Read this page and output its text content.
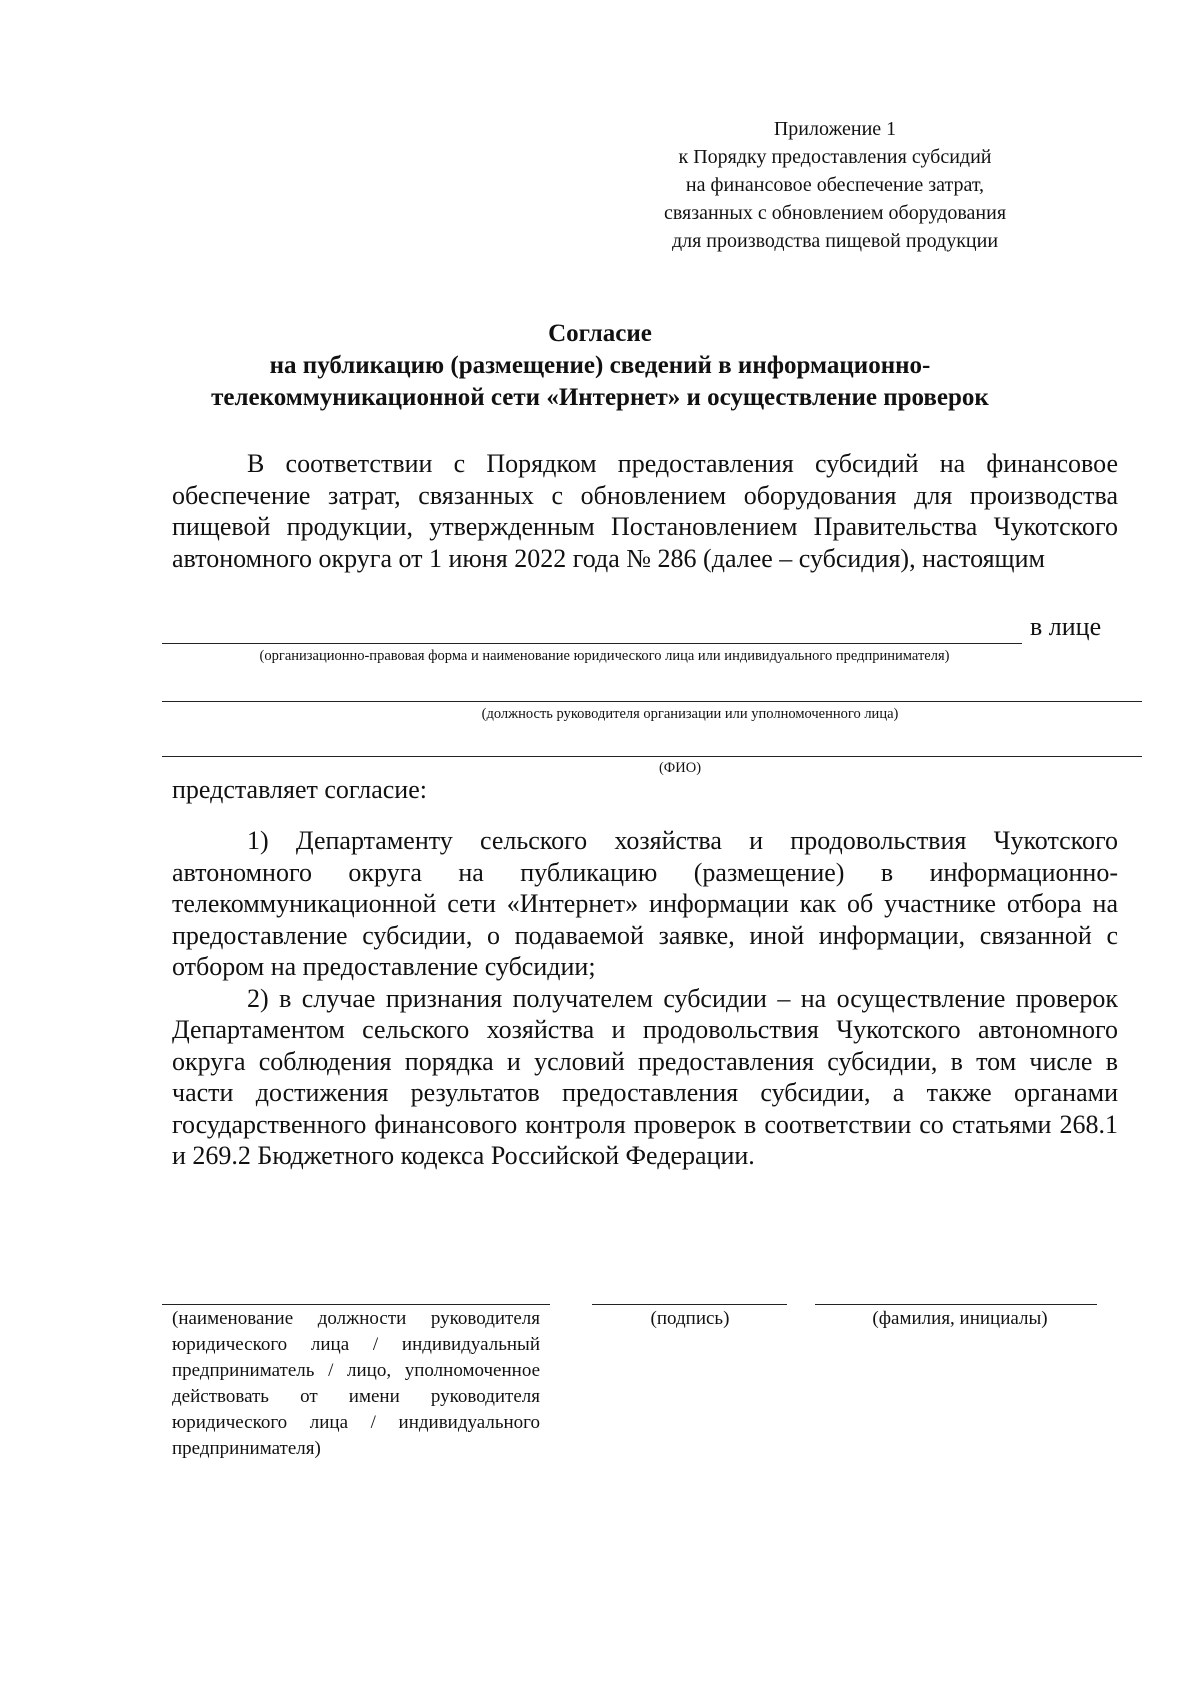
Приложение 1
к Порядку предоставления субсидий
на финансовое обеспечение затрат,
связанных с обновлением оборудования
для производства пищевой продукции
Согласие
на публикацию (размещение) сведений в информационно-
телекоммуникационной сети «Интернет» и осуществление проверок
В соответствии с Порядком предоставления субсидий на финансовое обеспечение затрат, связанных с обновлением оборудования для производства пищевой продукции, утвержденным Постановлением Правительства Чукотского автономного округа от 1 июня 2022 года № 286 (далее – субсидия), настоящим
в лице
(организационно-правовая форма и наименование юридического лица или индивидуального предпринимателя)
(должность руководителя организации или уполномоченного лица)
(ФИО)
представляет согласие:

1) Департаменту сельского хозяйства и продовольствия Чукотского автономного округа на публикацию (размещение) в информационно-телекоммуникационной сети «Интернет» информации как об участнике отбора на предоставление субсидии, о подаваемой заявке, иной информации, связанной с отбором на предоставление субсидии;

2) в случае признания получателем субсидии – на осуществление проверок Департаментом сельского хозяйства и продовольствия Чукотского автономного округа соблюдения порядка и условий предоставления субсидии, в том числе в части достижения результатов предоставления субсидии, а также органами государственного финансового контроля проверок в соответствии со статьями 268.1 и 269.2 Бюджетного кодекса Российской Федерации.

(наименование должности руководителя юридического лица / индивидуальный предприниматель / лицо, уполномоченное действовать от имени руководителя юридического лица / индивидуального предпринимателя)
(подпись)	(фамилия, инициалы)
